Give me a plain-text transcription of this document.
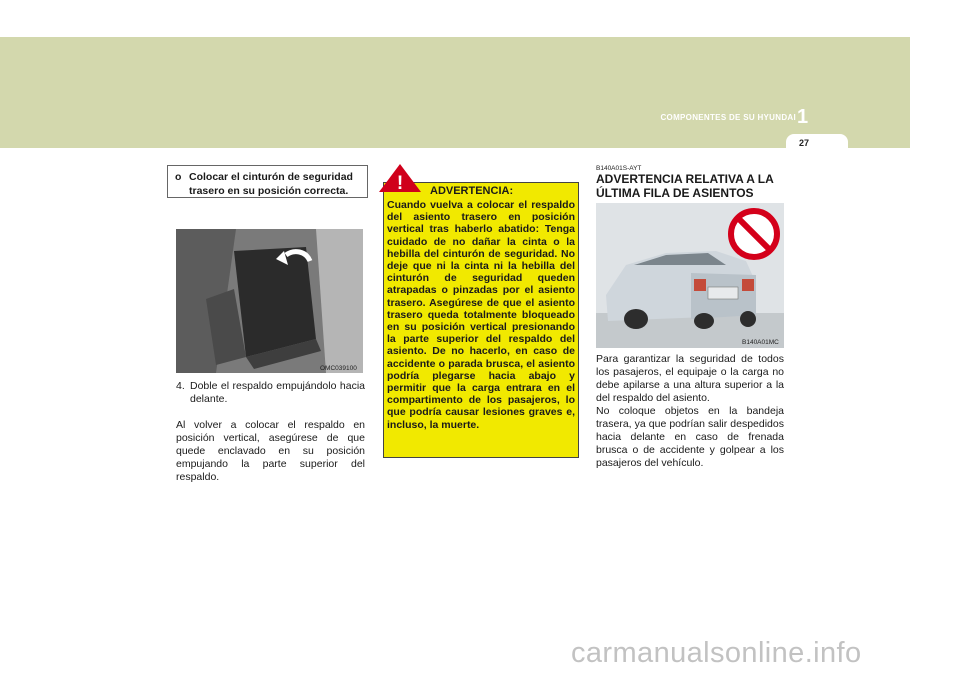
COMPONENTES DE SU HYUNDAI 1
27
o Colocar el cinturón de seguridad trasero en su posición correcta.
OMC039100
4. Doble el respaldo empujándolo hacia delante.
Al volver a colocar el respaldo en posición vertical, asegúrese de que quede enclavado en su posición empujando la parte superior del respaldo.
! ADVERTENCIA:
Cuando vuelva a colocar el respaldo del asiento trasero en posición vertical tras haberlo abatido: Tenga cuidado de no dañar la cinta o la hebilla del cinturón de seguridad. No deje que ni la cinta ni la hebilla del cinturón de seguridad queden atrapadas o pinzadas por el asiento trasero. Asegúrese de que el asiento trasero queda totalmente bloqueado en su posición vertical presionando la parte superior del respaldo del asiento. De no hacerlo, en caso de accidente o parada brusca, el asiento podría plegarse hacia abajo y permitir que la carga entrara en el compartimento de los pasajeros, lo que podría causar lesiones graves e, incluso, la muerte.
B140A01S-AYT
ADVERTENCIA RELATIVA A LA ÚLTIMA FILA DE ASIENTOS
B140A01MC
Para garantizar la seguridad de todos los pasajeros, el equipaje o la carga no debe apilarse a una altura superior a la del respaldo del asiento.
No coloque objetos en la bandeja trasera, ya que podrían salir despedidos hacia delante en caso de frenada brusca o de accidente y golpear a los pasajeros del vehículo.
carmanualsonline.info
